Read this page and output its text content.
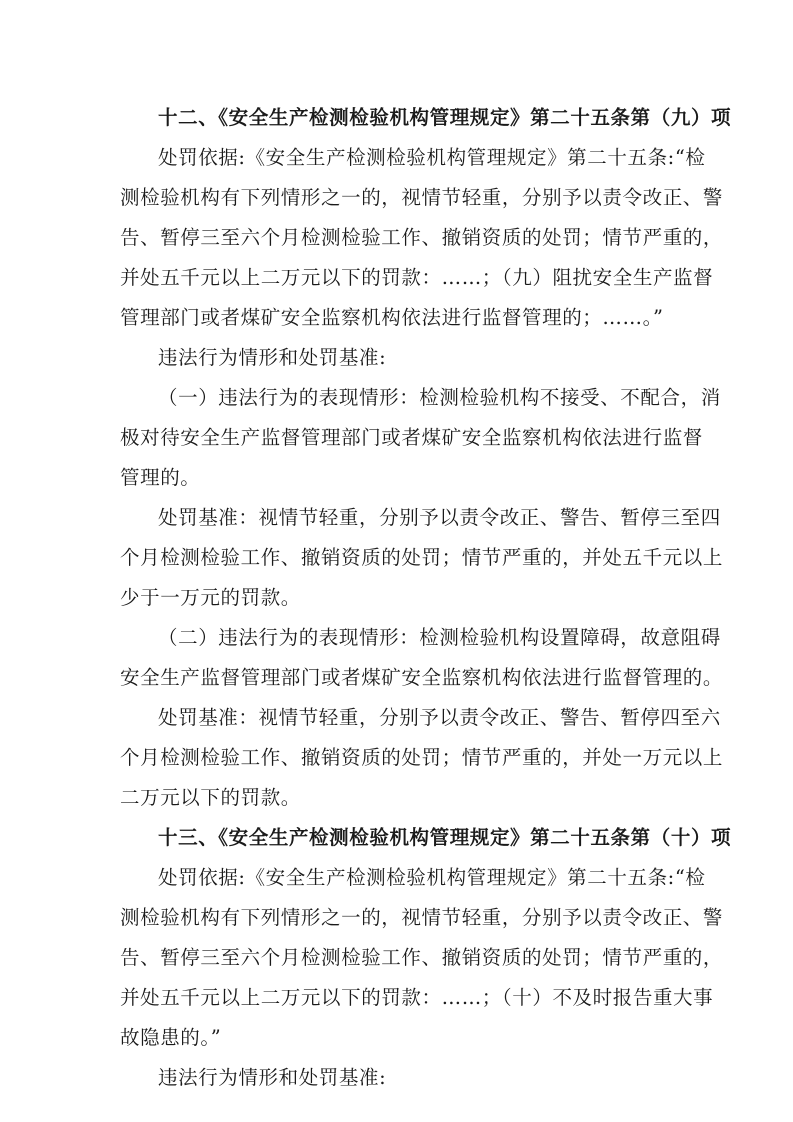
十二、《安全生产检测检验机构管理规定》第二十五条第（九）项
处罚依据:《安全生产检测检验机构管理规定》第二十五条:“检
测检验机构有下列情形之一的，视情节轻重，分别予以责令改正、警
告、暂停三至六个月检测检验工作、撤销资质的处罚；情节严重的，
并处五千元以上二万元以下的罚款：……；（九）阻扰安全生产监督
管理部门或者煤矿安全监察机构依法进行监督管理的；……。”
违法行为情形和处罚基准:
（一）违法行为的表现情形：检测检验机构不接受、不配合，消
极对待安全生产监督管理部门或者煤矿安全监察机构依法进行监督
管理的。
处罚基准：视情节轻重，分别予以责令改正、警告、暂停三至四
个月检测检验工作、撤销资质的处罚；情节严重的，并处五千元以上
少于一万元的罚款。
（二）违法行为的表现情形：检测检验机构设置障碍，故意阻碍
安全生产监督管理部门或者煤矿安全监察机构依法进行监督管理的。
处罚基准：视情节轻重，分别予以责令改正、警告、暂停四至六
个月检测检验工作、撤销资质的处罚；情节严重的，并处一万元以上
二万元以下的罚款。
十三、《安全生产检测检验机构管理规定》第二十五条第（十）项
处罚依据:《安全生产检测检验机构管理规定》第二十五条:“检
测检验机构有下列情形之一的，视情节轻重，分别予以责令改正、警
告、暂停三至六个月检测检验工作、撤销资质的处罚；情节严重的，
并处五千元以上二万元以下的罚款：……；（十）不及时报告重大事
故隐患的。”
违法行为情形和处罚基准:
